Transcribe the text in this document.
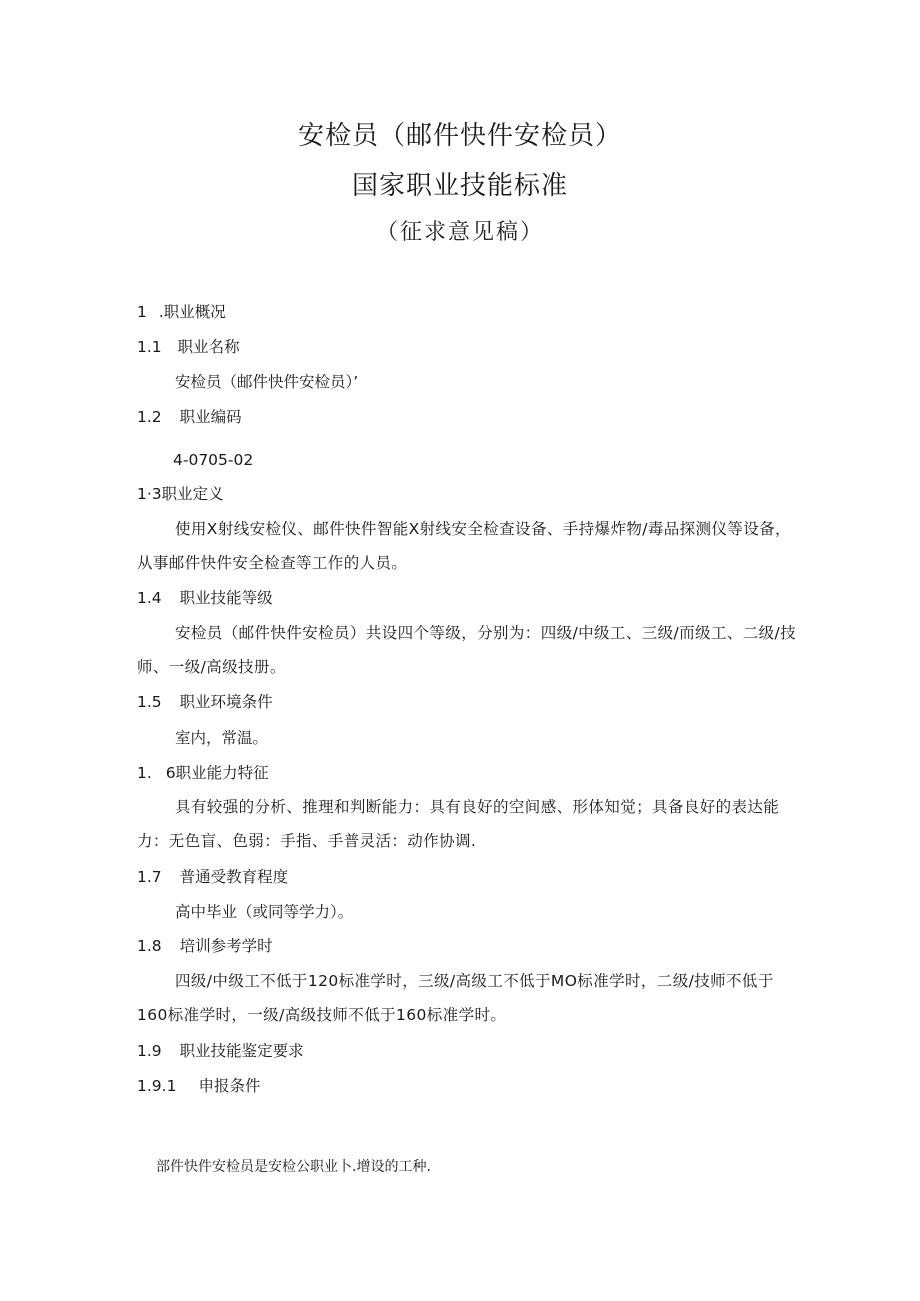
安检员（邮件快件安检员）
国家职业技能标准
（征求意见稿）
1 .职业概况
1.1 职业名称
安检员（邮件快件安检员）’
1.2 职业编码
4-0705-02
1·3职业定义
使用X射线安检仪、邮件快件智能X射线安全检查设备、手持爆炸物/毒品探测仪等设备，从事邮件快件安全检查等工作的人员。
1.4 职业技能等级
安检员（邮件快件安检员）共设四个等级，分别为：四级/中级工、三级/而级工、二级/技师、一级/高级技册。
1.5 职业环境条件
室内，常温。
1. 6职业能力特征
具有较强的分析、推理和判断能力：具有良好的空间感、形体知觉；具备良好的表达能力：无色盲、色弱：手指、手普灵活：动作协调.
1.7 普通受教育程度
高中毕业（或同等学力）。
1.8 培训参考学时
四级/中级工不低于120标准学时，三级/高级工不低于MO标准学时，二级/技师不低于160标准学时，一级/高级技师不低于160标准学时。
1.9 职业技能鉴定要求
1.9.1 申报条件
部件快件安检员是安检公职业卜.增设的工种.
